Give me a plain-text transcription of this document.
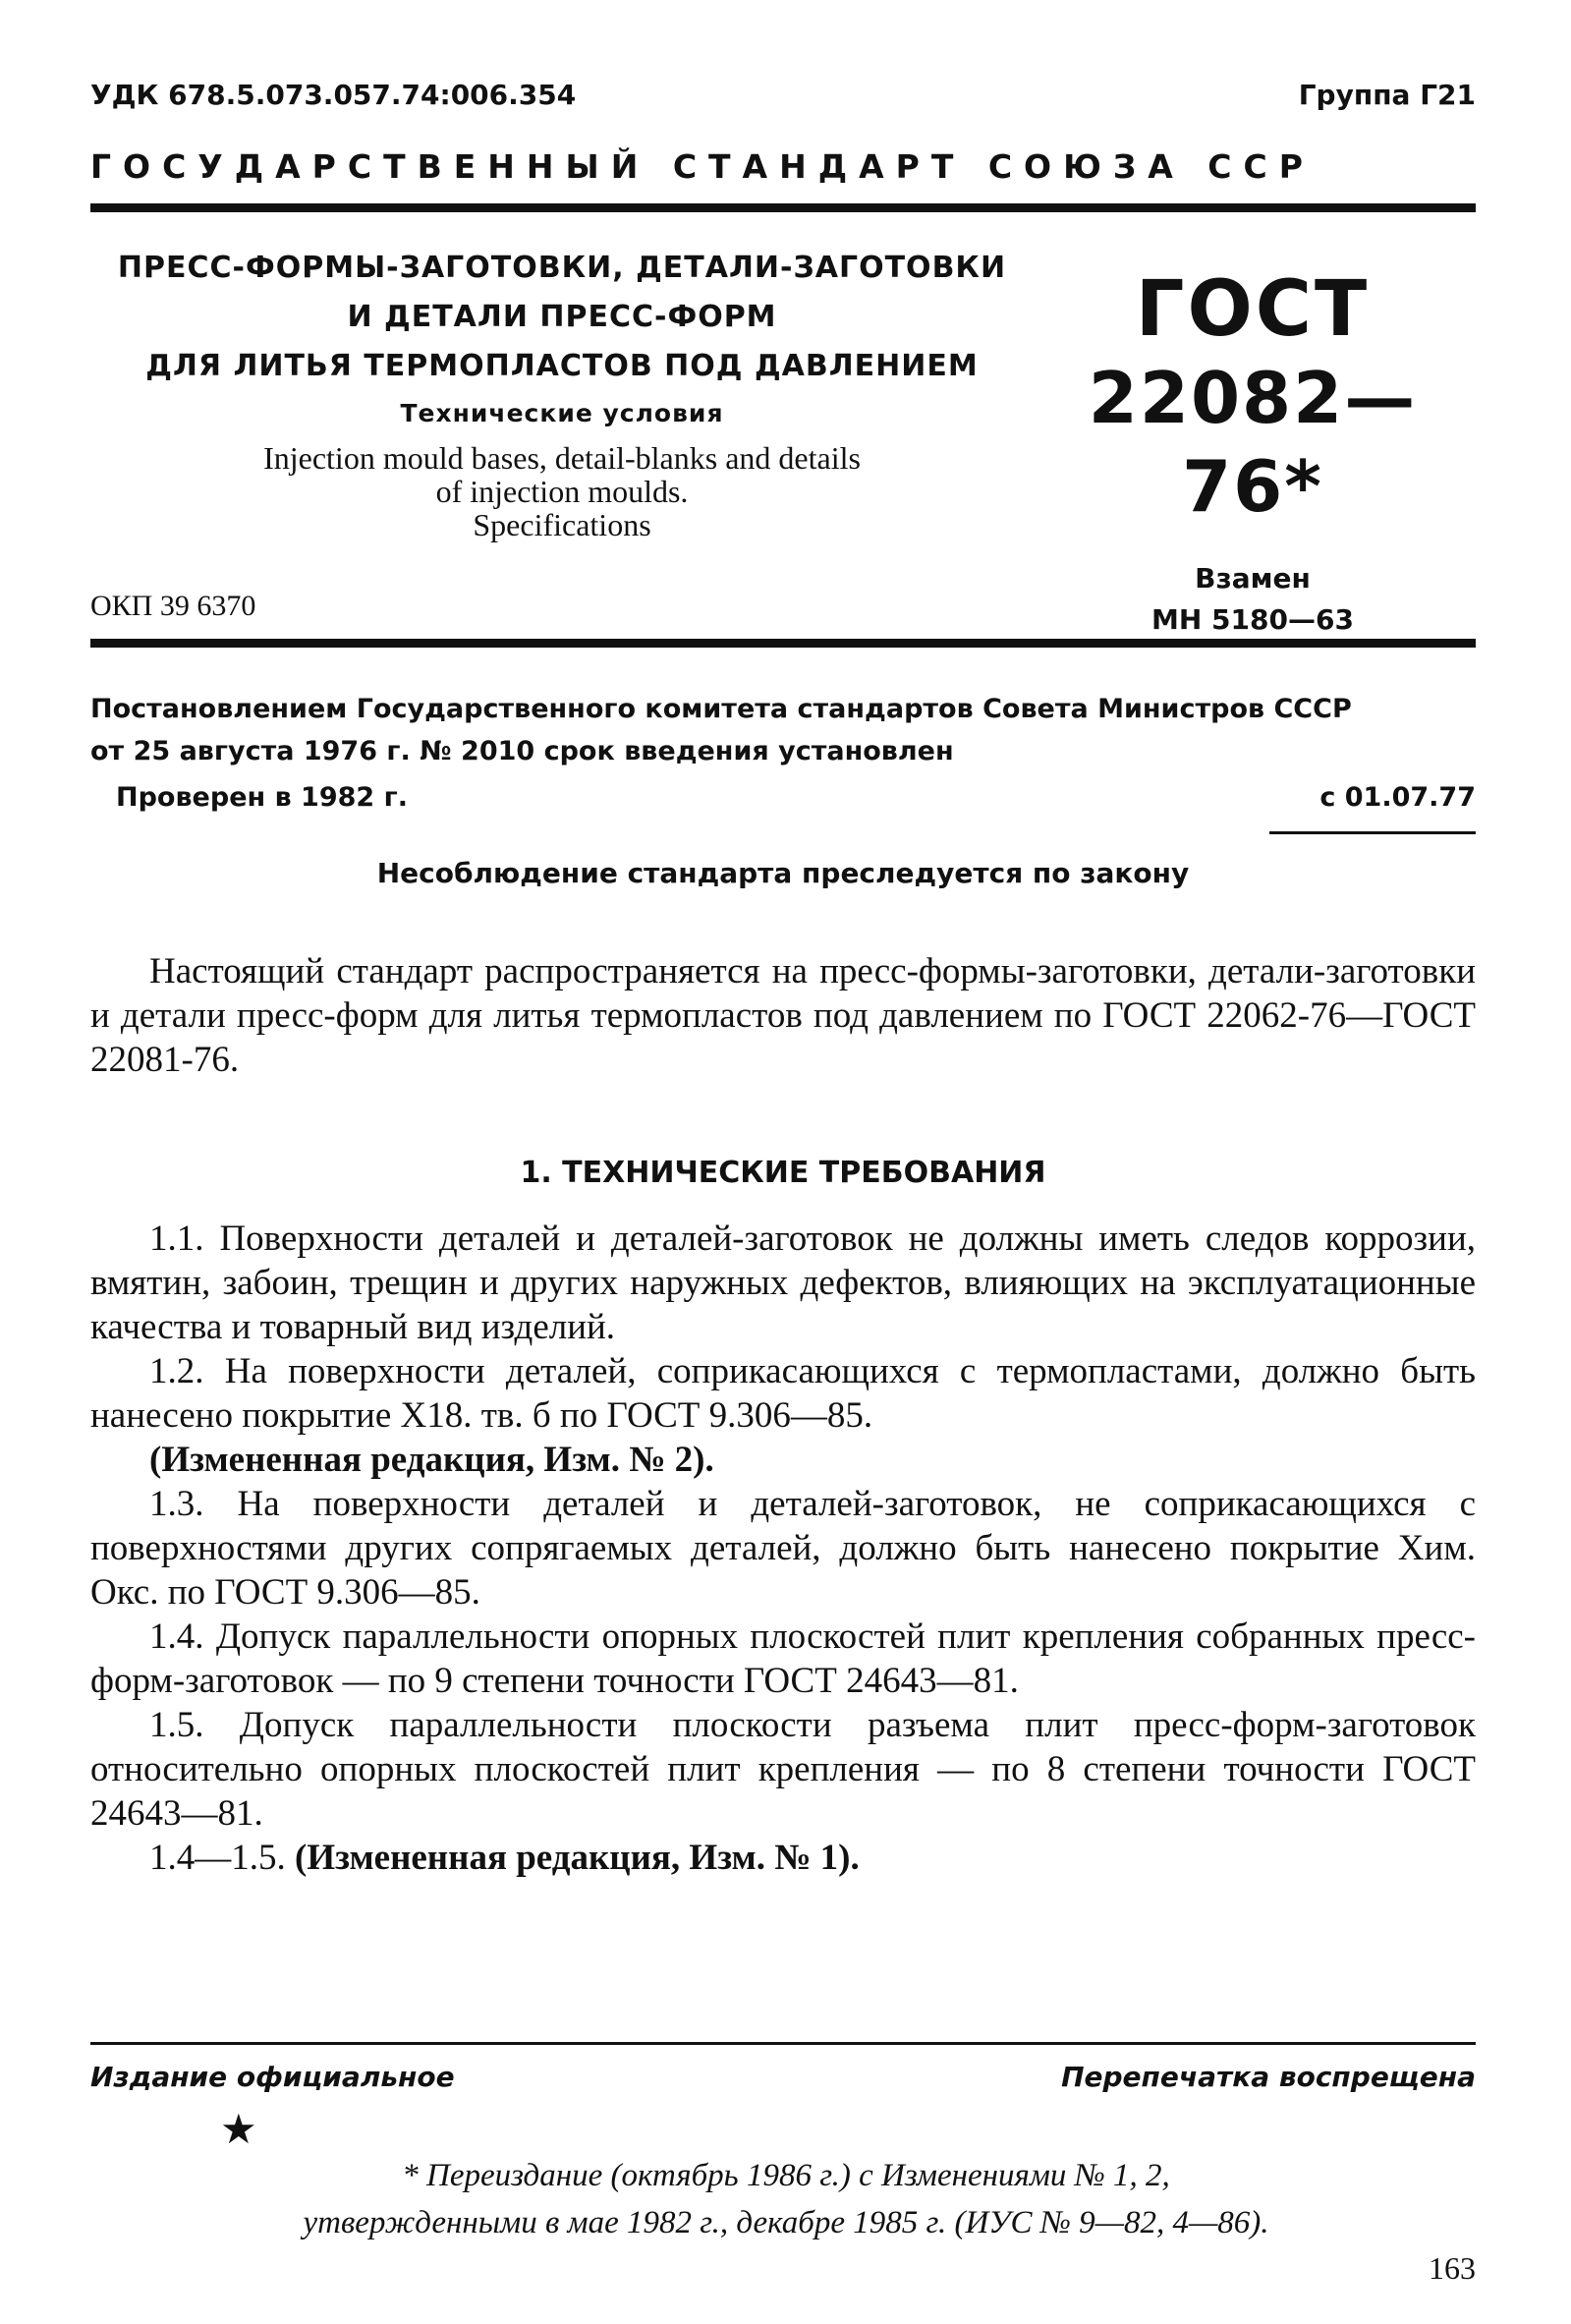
УДК 678.5.073.057.74:006.354	Группа Г21
ГОСУДАРСТВЕННЫЙ СТАНДАРТ СОЮЗА ССР
ПРЕСС-ФОРМЫ-ЗАГОТОВКИ, ДЕТАЛИ-ЗАГОТОВКИ
И ДЕТАЛИ ПРЕСС-ФОРМ
ДЛЯ ЛИТЬЯ ТЕРМОПЛАСТОВ ПОД ДАВЛЕНИЕМ
Технические условия
Injection mould bases, detail-blanks and details
of injection moulds.
Specifications
ГОСТ
22082—76*
Взамен
МН 5180—63
ОКП 39 6370
Постановлением Государственного комитета стандартов Совета Министров СССР
от 25 августа 1976 г. № 2010 срок введения установлен
Проверен в 1982 г.	с 01.07.77
Несоблюдение стандарта преследуется по закону
Настоящий стандарт распространяется на пресс-формы-заготовки, детали-заготовки и детали пресс-форм для литья термопластов под давлением по ГОСТ 22062-76—ГОСТ 22081-76.
1. ТЕХНИЧЕСКИЕ ТРЕБОВАНИЯ
1.1. Поверхности деталей и деталей-заготовок не должны иметь следов коррозии, вмятин, забоин, трещин и других наружных дефектов, влияющих на эксплуатационные качества и товарный вид изделий.
1.2. На поверхности деталей, соприкасающихся с термопластами, должно быть нанесено покрытие Х18. тв. б по ГОСТ 9.306—85.
(Измененная редакция, Изм. № 2).
1.3. На поверхности деталей и деталей-заготовок, не соприкасающихся с поверхностями других сопрягаемых деталей, должно быть нанесено покрытие Хим. Окс. по ГОСТ 9.306—85.
1.4. Допуск параллельности опорных плоскостей плит крепления собранных пресс-форм-заготовок — по 9 степени точности ГОСТ 24643—81.
1.5. Допуск параллельности плоскости разъема плит пресс-форм-заготовок относительно опорных плоскостей плит крепления — по 8 степени точности ГОСТ 24643—81.
1.4—1.5. (Измененная редакция, Изм. № 1).
Издание официальное	Перепечатка воспрещена
★
* Переиздание (октябрь 1986 г.) с Изменениями № 1, 2,
утвержденными в мае 1982 г., декабре 1985 г. (ИУС № 9—82, 4—86).
163
